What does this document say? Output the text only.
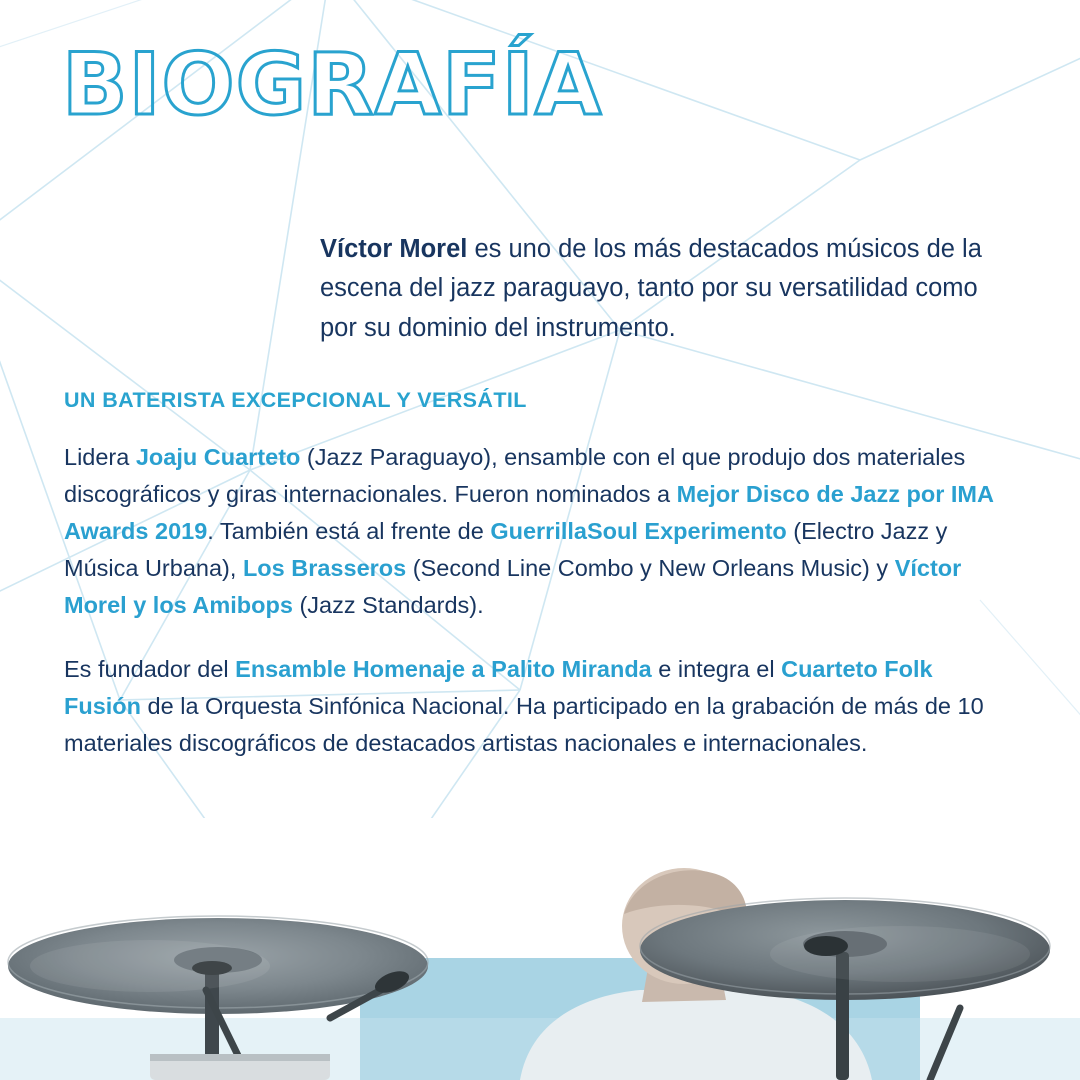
BIOGRAFÍA

Víctor Morel es uno de los más destacados músicos de la escena del jazz paraguayo, tanto por su versatilidad como por su dominio del instrumento.

UN BATERISTA EXCEPCIONAL Y VERSÁTIL

Lidera Joaju Cuarteto (Jazz Paraguayo), ensamble con el que produjo dos materiales discográficos y giras internacionales. Fueron nominados a Mejor Disco de Jazz por IMA Awards 2019. También está al frente de GuerrillaSoul Experimento (Electro Jazz y Música Urbana), Los Brasseros (Second Line Combo y New Orleans Music) y Víctor Morel y los Amibops (Jazz Standards).

Es fundador del Ensamble Homenaje a Palito Miranda e integra el Cuarteto Folk Fusión de la Orquesta Sinfónica Nacional. Ha participado en la grabación de más de 10 materiales discográficos de destacados artistas nacionales e internacionales.
